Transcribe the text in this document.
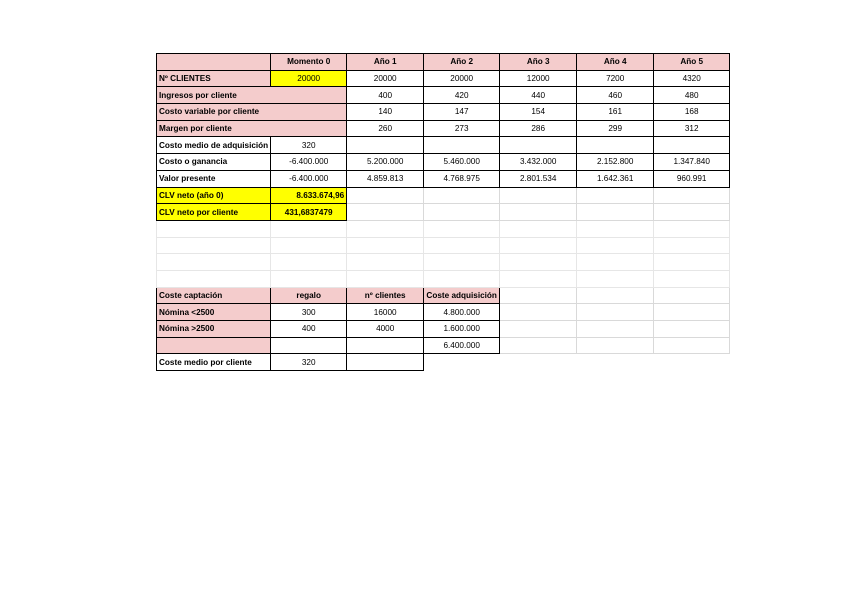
	Momento 0	Año 1	Año 2	Año 3	Año 4	Año 5
Nº CLIENTES	20000	20000	20000	12000	7200	4320
Ingresos por cliente		400	420	440	460	480
Costo variable por cliente		140	147	154	161	168
Margen por cliente		260	273	286	299	312
Costo medio de adquisición	320					
Costo o ganancia	-6.400.000	5.200.000	5.460.000	3.432.000	2.152.800	1.347.840
Valor presente	-6.400.000	4.859.813	4.768.975	2.801.534	1.642.361	960.991
CLV neto (año 0)	8.633.674,96					
CLV neto por cliente	431,6837479					

Coste captación	regalo	nº clientes	Coste adquisición			
Nómina <2500	300	16000	4.800.000			
Nómina >2500	400	4000	1.600.000			
			6.400.000			
Coste medio por cliente	320					
